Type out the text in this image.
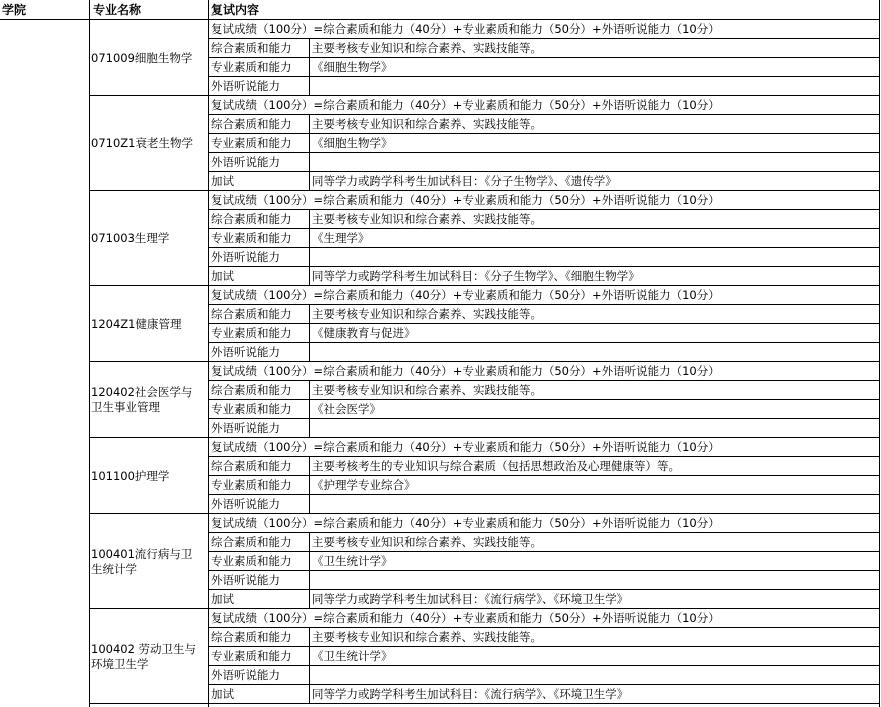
学院	专业名称	复试内容
071009细胞生物学
复试成绩（100分）=综合素质和能力（40分）+专业素质和能力（50分）+外语听说能力（10分）
综合素质和能力	主要考核专业知识和综合素养、实践技能等。
专业素质和能力	《细胞生物学》
外语听说能力
0710Z1衰老生物学
复试成绩（100分）=综合素质和能力（40分）+专业素质和能力（50分）+外语听说能力（10分）
综合素质和能力	主要考核专业知识和综合素养、实践技能等。
专业素质和能力	《细胞生物学》
外语听说能力
加试	同等学力或跨学科考生加试科目：《分子生物学》、《遗传学》
071003生理学
复试成绩（100分）=综合素质和能力（40分）+专业素质和能力（50分）+外语听说能力（10分）
综合素质和能力	主要考核专业知识和综合素养、实践技能等。
专业素质和能力	《生理学》
外语听说能力
加试	同等学力或跨学科考生加试科目：《分子生物学》、《细胞生物学》
1204Z1健康管理
复试成绩（100分）=综合素质和能力（40分）+专业素质和能力（50分）+外语听说能力（10分）
综合素质和能力	主要考核专业知识和综合素养、实践技能等。
专业素质和能力	《健康教育与促进》
外语听说能力
120402社会医学与卫生事业管理
复试成绩（100分）=综合素质和能力（40分）+专业素质和能力（50分）+外语听说能力（10分）
综合素质和能力	主要考核专业知识和综合素养、实践技能等。
专业素质和能力	《社会医学》
外语听说能力
101100护理学
复试成绩（100分）=综合素质和能力（40分）+专业素质和能力（50分）+外语听说能力（10分）
综合素质和能力	主要考核考生的专业知识与综合素质（包括思想政治及心理健康等）等。
专业素质和能力	《护理学专业综合》
外语听说能力
100401流行病与卫生统计学
复试成绩（100分）=综合素质和能力（40分）+专业素质和能力（50分）+外语听说能力（10分）
综合素质和能力	主要考核专业知识和综合素养、实践技能等。
专业素质和能力	《卫生统计学》
外语听说能力
加试	同等学力或跨学科考生加试科目：《流行病学》、《环境卫生学》
100402 劳动卫生与环境卫生学
复试成绩（100分）=综合素质和能力（40分）+专业素质和能力（50分）+外语听说能力（10分）
综合素质和能力	主要考核专业知识和综合素养、实践技能等。
专业素质和能力	《卫生统计学》
外语听说能力
加试	同等学力或跨学科考生加试科目：《流行病学》、《环境卫生学》
